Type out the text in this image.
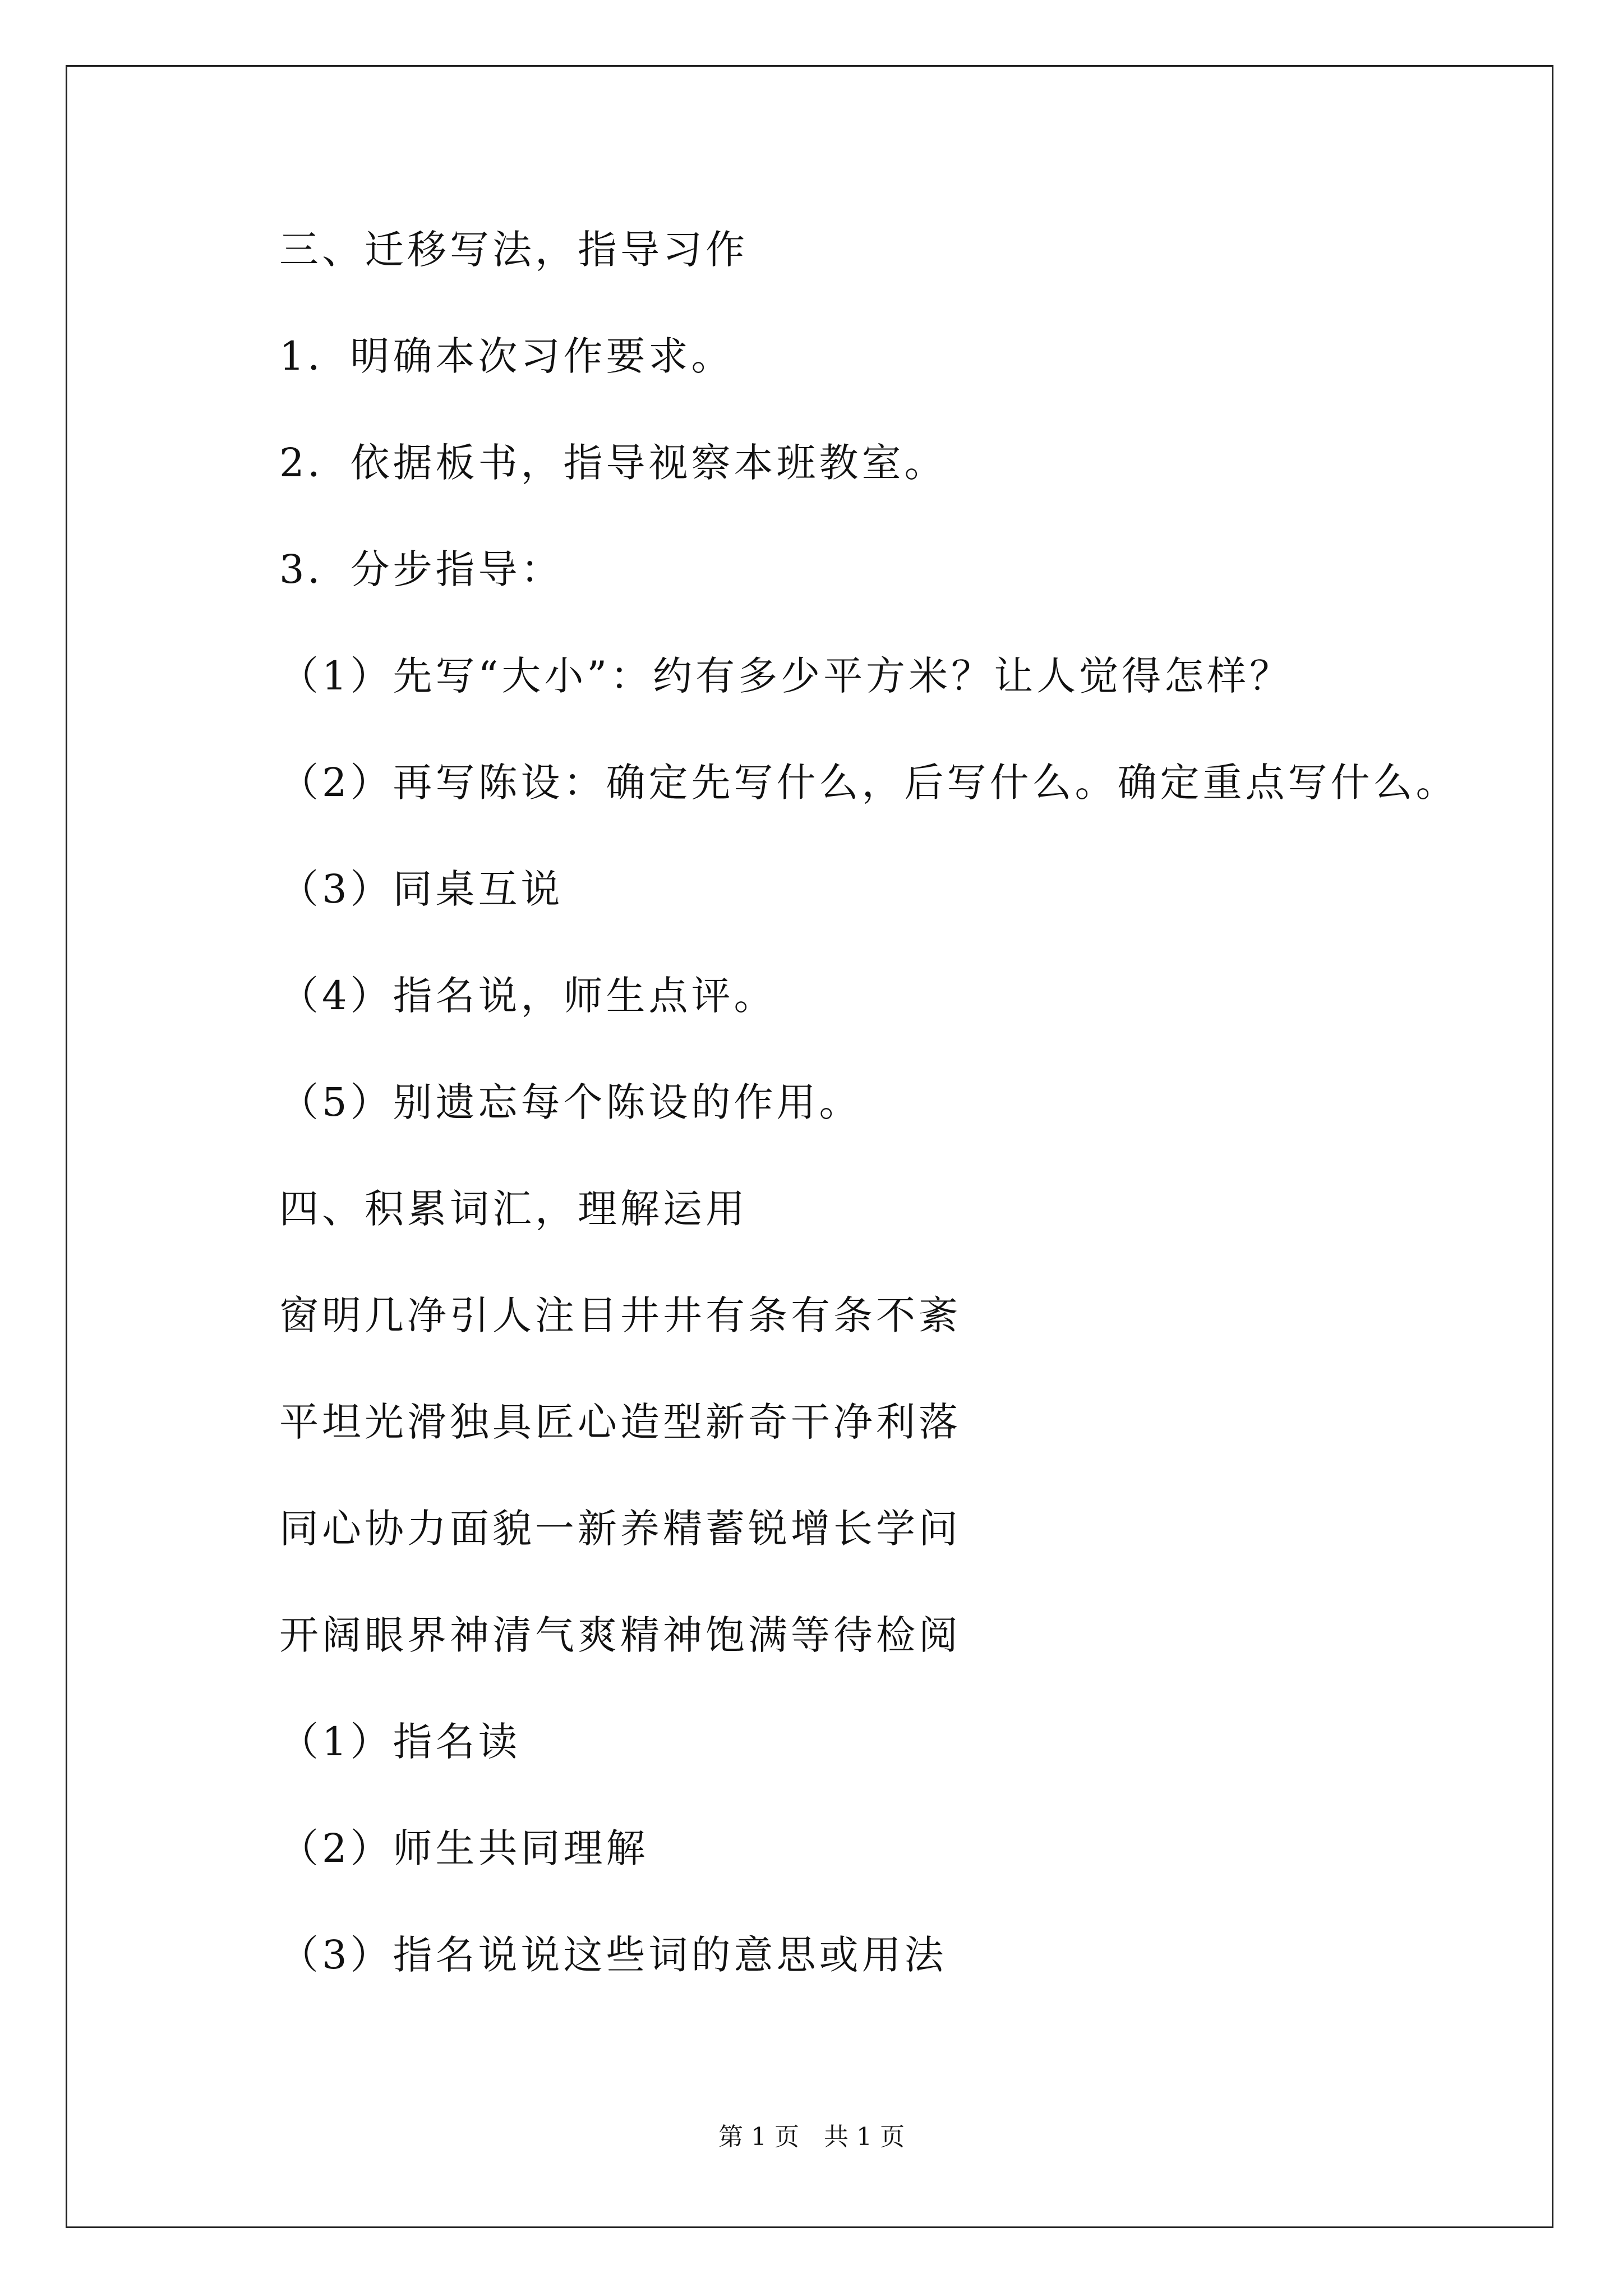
三、迁移写法，指导习作
1．明确本次习作要求。
2．依据板书，指导视察本班教室。
3．分步指导：
（1）先写“大小”：约有多少平方米？让人觉得怎样？
（2）再写陈设：确定先写什么，后写什么。确定重点写什么。
（3）同桌互说
（4）指名说，师生点评。
（5）别遗忘每个陈设的作用。
四、积累词汇，理解运用
窗明几净引人注目井井有条有条不紊
平坦光滑独具匠心造型新奇干净利落
同心协力面貌一新养精蓄锐增长学问
开阔眼界神清气爽精神饱满等待检阅
（1）指名读
（2）师生共同理解
（3）指名说说这些词的意思或用法
第 1 页　共 1 页
